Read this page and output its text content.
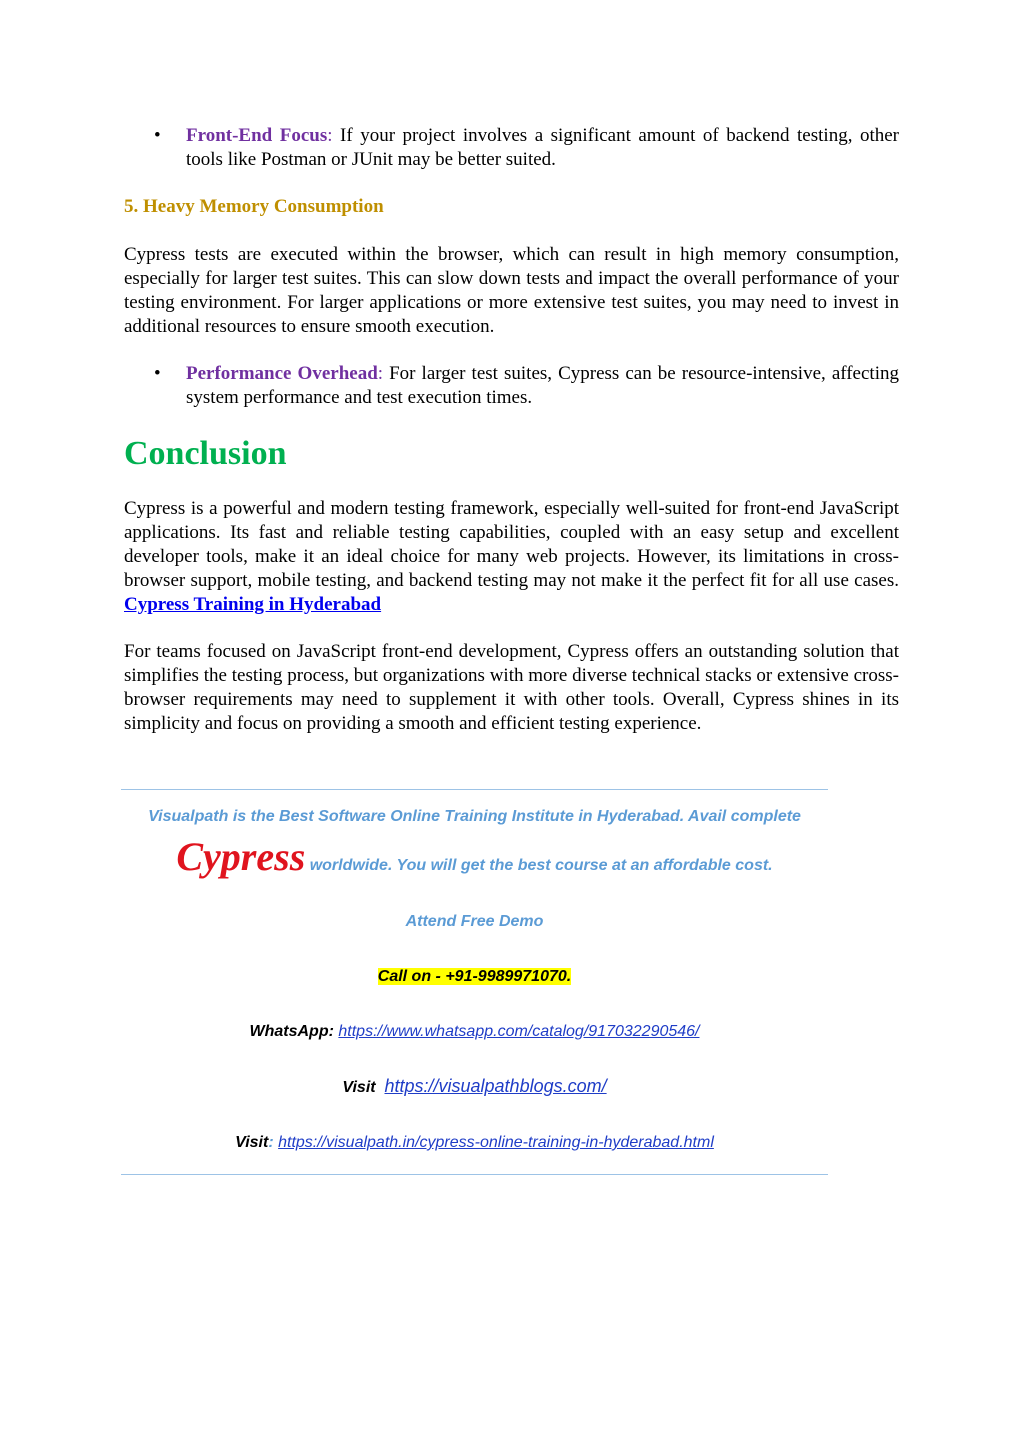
• Front-End Focus: If your project involves a significant amount of backend testing, other tools like Postman or JUnit may be better suited.

5. Heavy Memory Consumption

Cypress tests are executed within the browser, which can result in high memory consumption, especially for larger test suites. This can slow down tests and impact the overall performance of your testing environment. For larger applications or more extensive test suites, you may need to invest in additional resources to ensure smooth execution.

• Performance Overhead: For larger test suites, Cypress can be resource-intensive, affecting system performance and test execution times.

Conclusion

Cypress is a powerful and modern testing framework, especially well-suited for front-end JavaScript applications. Its fast and reliable testing capabilities, coupled with an easy setup and excellent developer tools, make it an ideal choice for many web projects. However, its limitations in cross-browser support, mobile testing, and backend testing may not make it the perfect fit for all use cases. Cypress Training in Hyderabad

For teams focused on JavaScript front-end development, Cypress offers an outstanding solution that simplifies the testing process, but organizations with more diverse technical stacks or extensive cross-browser requirements may need to supplement it with other tools. Overall, Cypress shines in its simplicity and focus on providing a smooth and efficient testing experience.

Visualpath is the Best Software Online Training Institute in Hyderabad. Avail complete
Cypress worldwide. You will get the best course at an affordable cost.
Attend Free Demo
Call on - +91-9989971070.
WhatsApp: https://www.whatsapp.com/catalog/917032290546/
Visit https://visualpathblogs.com/
Visit: https://visualpath.in/cypress-online-training-in-hyderabad.html
